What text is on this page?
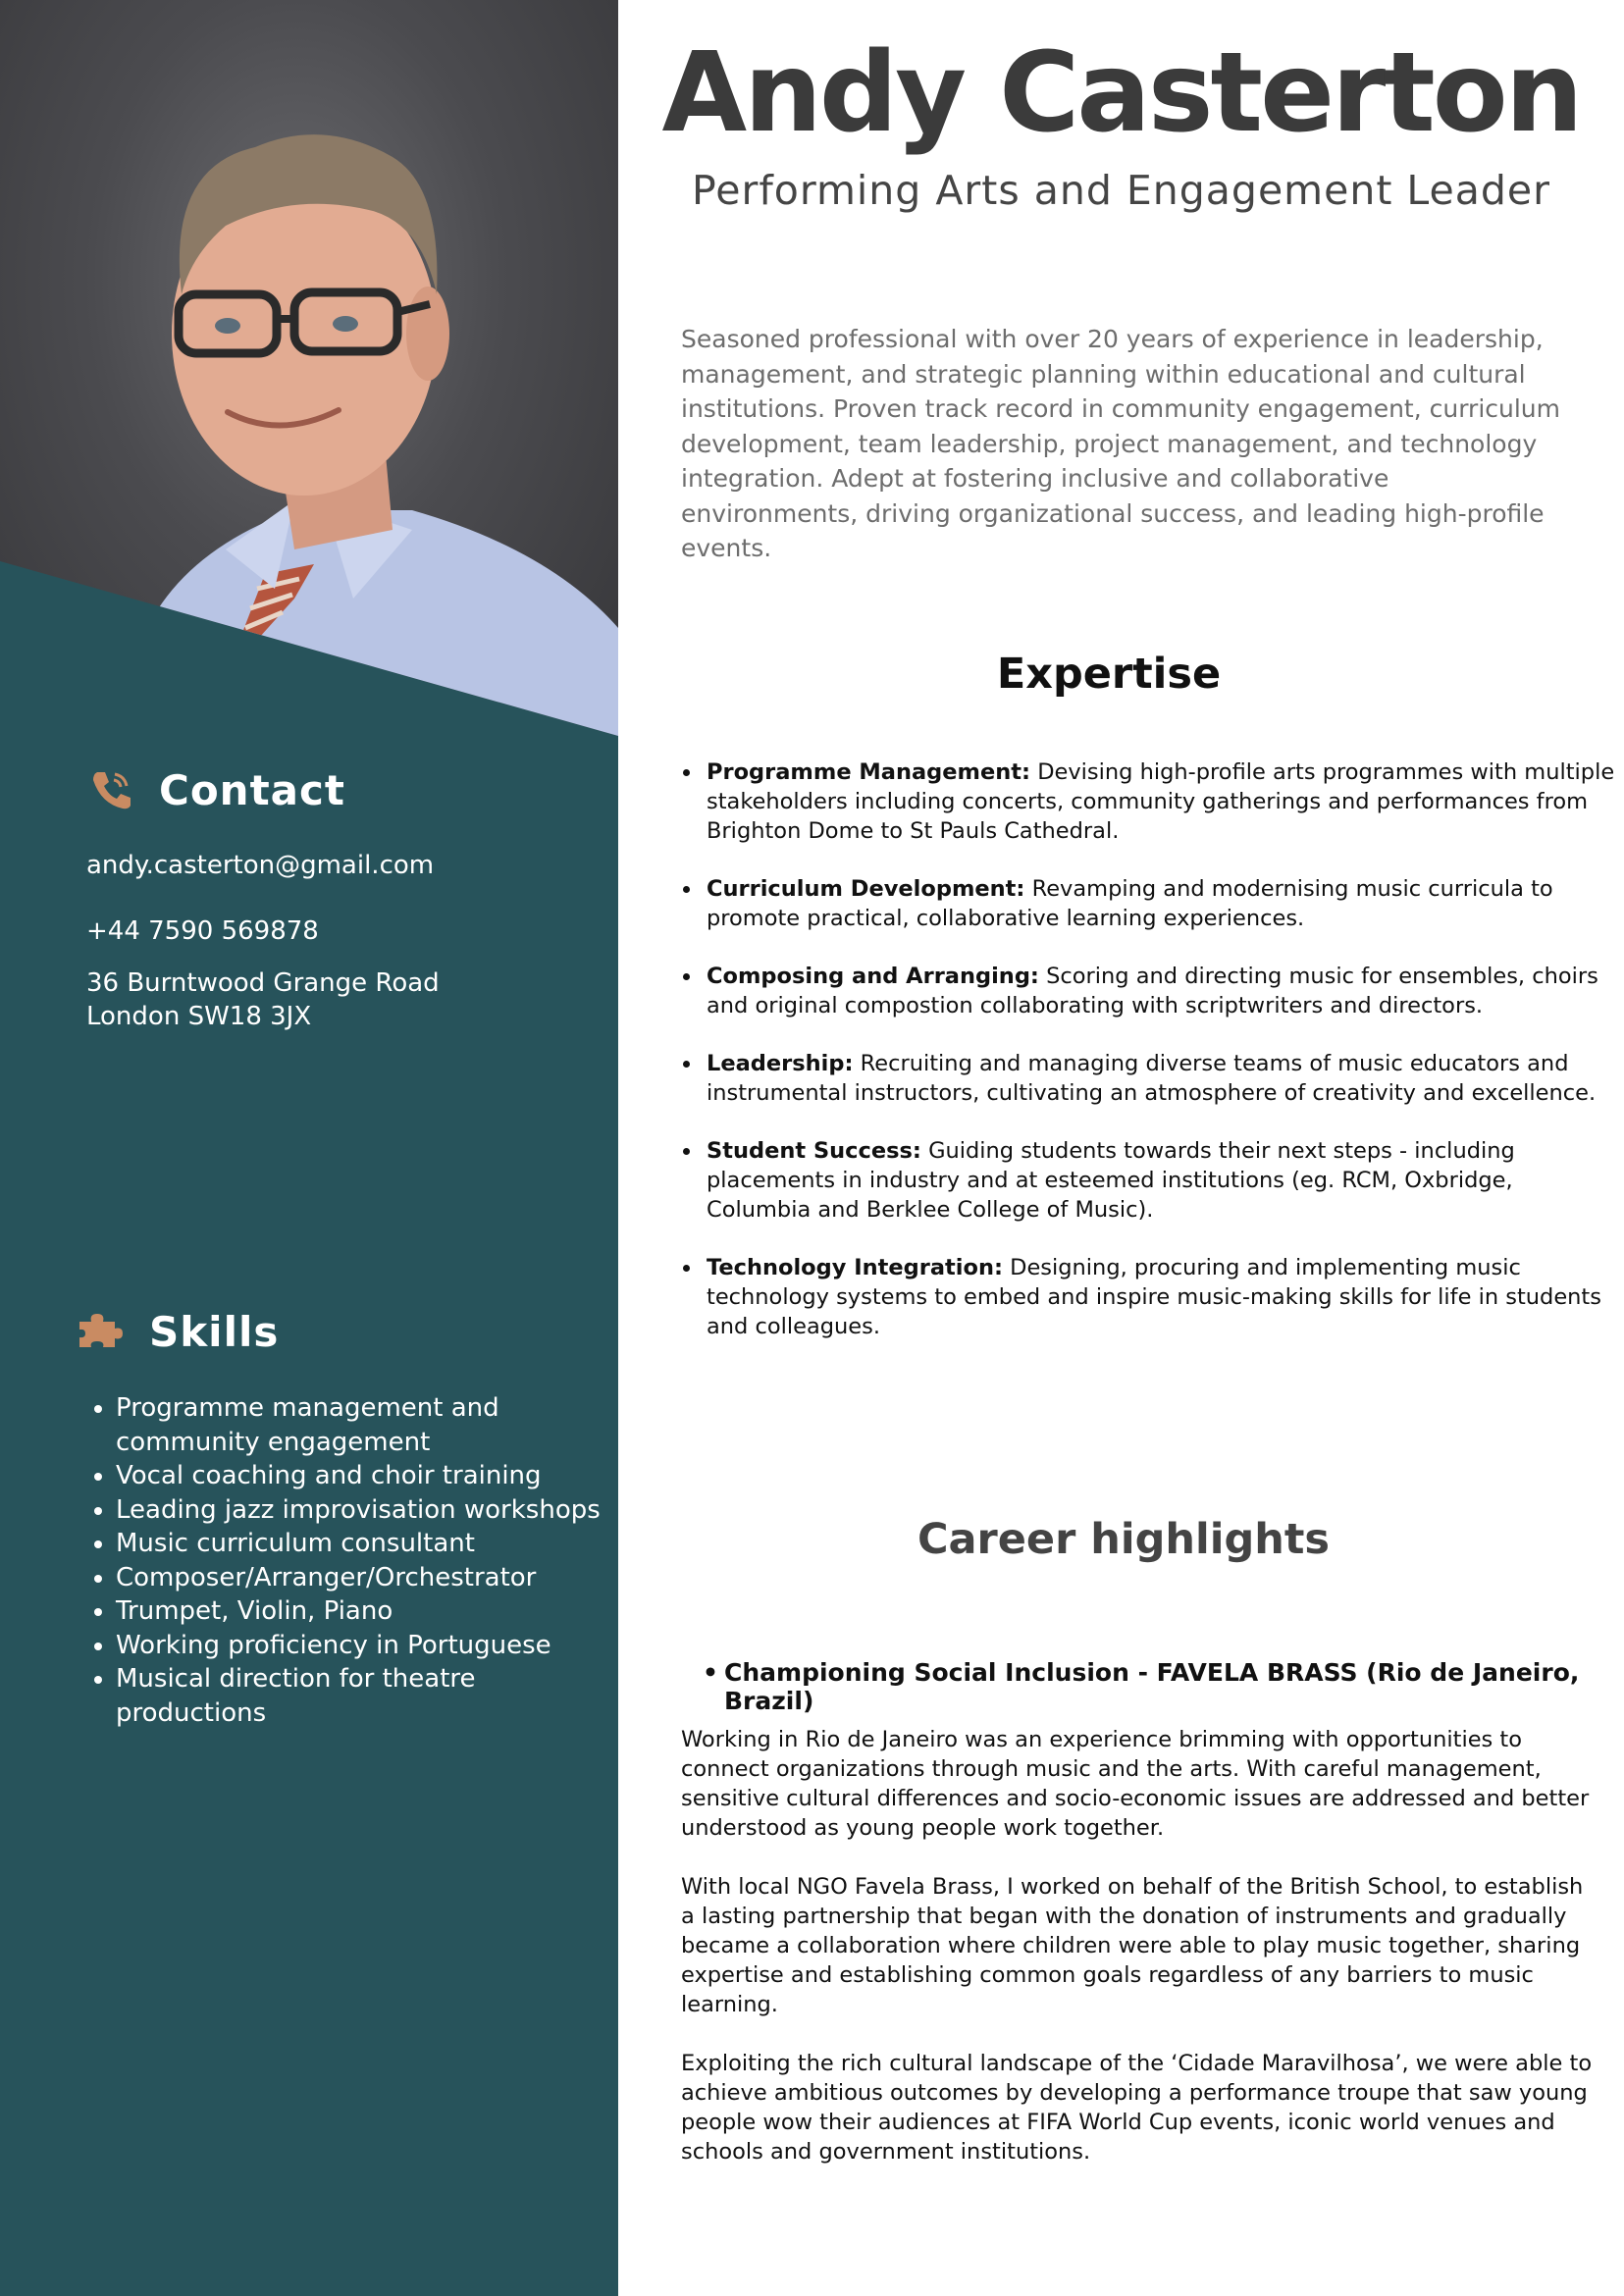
Contact
andy.casterton@gmail.com
+44 7590 569878
36 Burntwood Grange Road
London SW18 3JX
Skills
• Programme management and community engagement
• Vocal coaching and choir training
• Leading jazz improvisation workshops
• Music curriculum consultant
• Composer/Arranger/Orchestrator
• Trumpet, Violin, Piano
• Working proficiency in Portuguese
• Musical direction for theatre productions
Andy Casterton
Performing Arts and Engagement Leader

Seasoned professional with over 20 years of experience in leadership, management, and strategic planning within educational and cultural institutions. Proven track record in community engagement, curriculum development, team leadership, project management, and technology integration. Adept at fostering inclusive and collaborative environments, driving organizational success, and leading high-profile events.

Expertise
• Programme Management: Devising high-profile arts programmes with multiple stakeholders including concerts, community gatherings and performances from Brighton Dome to St Pauls Cathedral.
• Curriculum Development: Revamping and modernising music curricula to promote practical, collaborative learning experiences.
• Composing and Arranging: Scoring and directing music for ensembles, choirs and original compostion collaborating with scriptwriters and directors.
• Leadership: Recruiting and managing diverse teams of music educators and instrumental instructors, cultivating an atmosphere of creativity and excellence.
• Student Success: Guiding students towards their next steps - including placements in industry and at esteemed institutions (eg. RCM, Oxbridge, Columbia and Berklee College of Music).
• Technology Integration: Designing, procuring and implementing music technology systems to embed and inspire music-making skills for life in students and colleagues.
Career highlights
• Championing Social Inclusion - FAVELA BRASS (Rio de Janeiro, Brazil)

Working in Rio de Janeiro was an experience brimming with opportunities to connect organizations through music and the arts. With careful management, sensitive cultural differences and socio-economic issues are addressed and better understood as young people work together.

With local NGO Favela Brass, I worked on behalf of the British School, to establish a lasting partnership that began with the donation of instruments and gradually became a collaboration where children were able to play music together, sharing expertise and establishing common goals regardless of any barriers to music learning.

Exploiting the rich cultural landscape of the ‘Cidade Maravilhosa’, we were able to achieve ambitious outcomes by developing a performance troupe that saw young people wow their audiences at FIFA World Cup events, iconic world venues and schools and government institutions.
